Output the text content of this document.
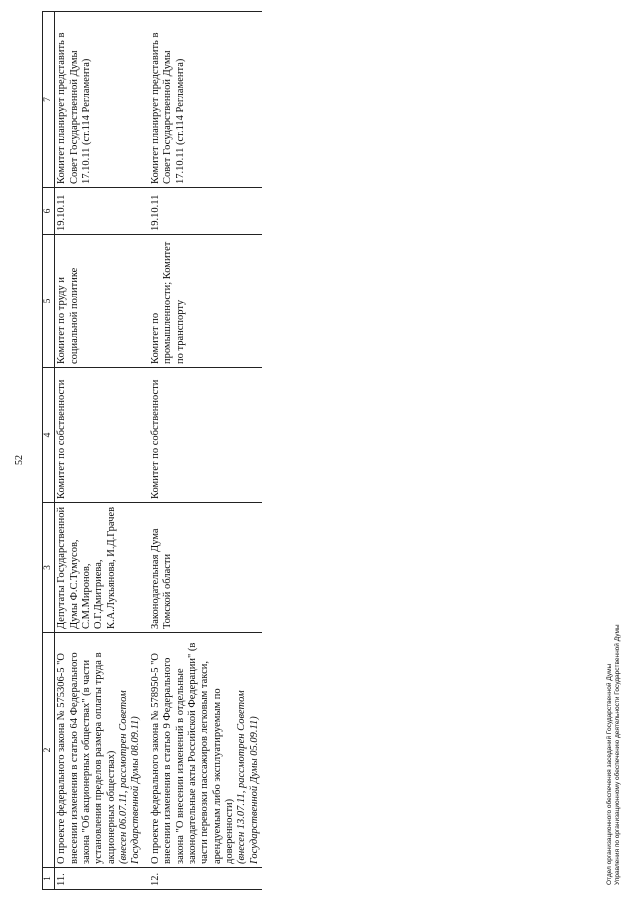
52
1	2	3	4	5	6	7
11.	О проекте федерального закона № 575306-5 "О внесении изменения в статью 64 Федерального закона "Об акционерных обществах" (в части установления пределов размера оплаты труда в акционерных обществах) (внесен 06.07.11, рассмотрен Советом Государственной Думы 08.09.11)	Депутаты Государственной Думы Ф.С.Тумусов, С.М.Миронов, О.Г.Дмитриева, К.А.Лукьянова, И.Д.Грачев	Комитет по собственности	Комитет по труду и социальной политике	19.10.11	Комитет планирует представить в Совет Государственной Думы 17.10.11 (ст.114 Регламента)
12.	О проекте федерального закона № 578950-5 "О внесении изменения в статью 9 Федерального закона "О внесении изменений в отдельные законодательные акты Российской Федерации" (в части перевозки пассажиров легковым такси, арендуемым либо эксплуатируемым по доверенности) (внесен 13.07.11, рассмотрен Советом Государственной Думы 05.09.11)	Законодательная Дума Томской области	Комитет по собственности	Комитет по промышленности; Комитет по транспорту	19.10.11	Комитет планирует представить в Совет Государственной Думы 17.10.11 (ст.114 Регламента)
Отдел организационного обеспечения заседаний Государственной Думы Управления по организационному обеспечению деятельности Государственной Думы
